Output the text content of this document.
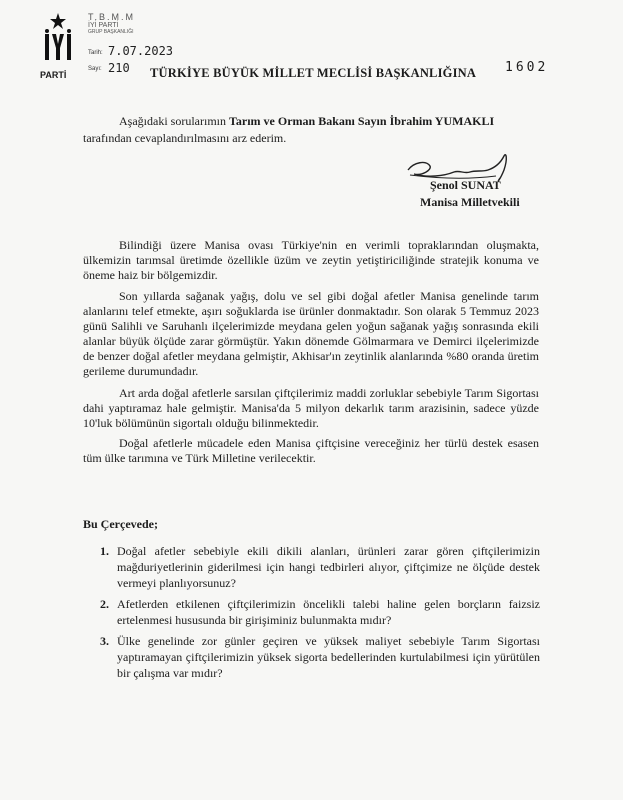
PARTİ
T.B.M.M
İYİ PARTİ
GRUP BAŞKANLIĞI
Tarih: 7.07.2023
Sayı: 210 TÜRKİYE BÜYÜK MİLLET MECLİSİ BAŞKANLIĞINA 1602
Aşağıdaki sorularımın Tarım ve Orman Bakanı Sayın İbrahim YUMAKLI
tarafından cevaplandırılmasını arz ederim.
Şenol SUNAT
Manisa Milletvekili
Bilindiği üzere Manisa ovası Türkiye'nin en verimli topraklarından oluşmakta, ülkemizin tarımsal üretimde özellikle üzüm ve zeytin yetiştiriciliğinde stratejik konuma ve öneme haiz bir bölgemizdir.
Son yıllarda sağanak yağış, dolu ve sel gibi doğal afetler Manisa genelinde tarım alanlarını telef etmekte, aşırı soğuklarda ise ürünler donmaktadır. Son olarak 5 Temmuz 2023 günü Salihli ve Saruhanlı ilçelerimizde meydana gelen yoğun sağanak yağış sonrasında ekili alanlar büyük ölçüde zarar görmüştür. Yakın dönemde Gölmarmara ve Demirci ilçelerimizde de benzer doğal afetler meydana gelmiştir, Akhisar'ın zeytinlik alanlarında %80 oranda üretim gerileme durumundadır.
Art arda doğal afetlerle sarsılan çiftçilerimiz maddi zorluklar sebebiyle Tarım Sigortası dahi yaptıramaz hale gelmiştir. Manisa'da 5 milyon dekarlık tarım arazisinin, sadece yüzde 10'luk bölümünün sigortalı olduğu bilinmektedir.
Doğal afetlerle mücadele eden Manisa çiftçisine vereceğiniz her türlü destek esasen tüm ülke tarımına ve Türk Milletine verilecektir.
Bu Çerçevede;
1. Doğal afetler sebebiyle ekili dikili alanları, ürünleri zarar gören çiftçilerimizin mağduriyetlerinin giderilmesi için hangi tedbirleri alıyor, çiftçimize ne ölçüde destek vermeyi planlıyorsunuz?
2. Afetlerden etkilenen çiftçilerimizin öncelikli talebi haline gelen borçların faizsiz ertelenmesi hususunda bir girişiminiz bulunmakta mıdır?
3. Ülke genelinde zor günler geçiren ve yüksek maliyet sebebiyle Tarım Sigortası yaptıramayan çiftçilerimizin yüksek sigorta bedellerinden kurtulabilmesi için yürütülen bir çalışma var mıdır?
